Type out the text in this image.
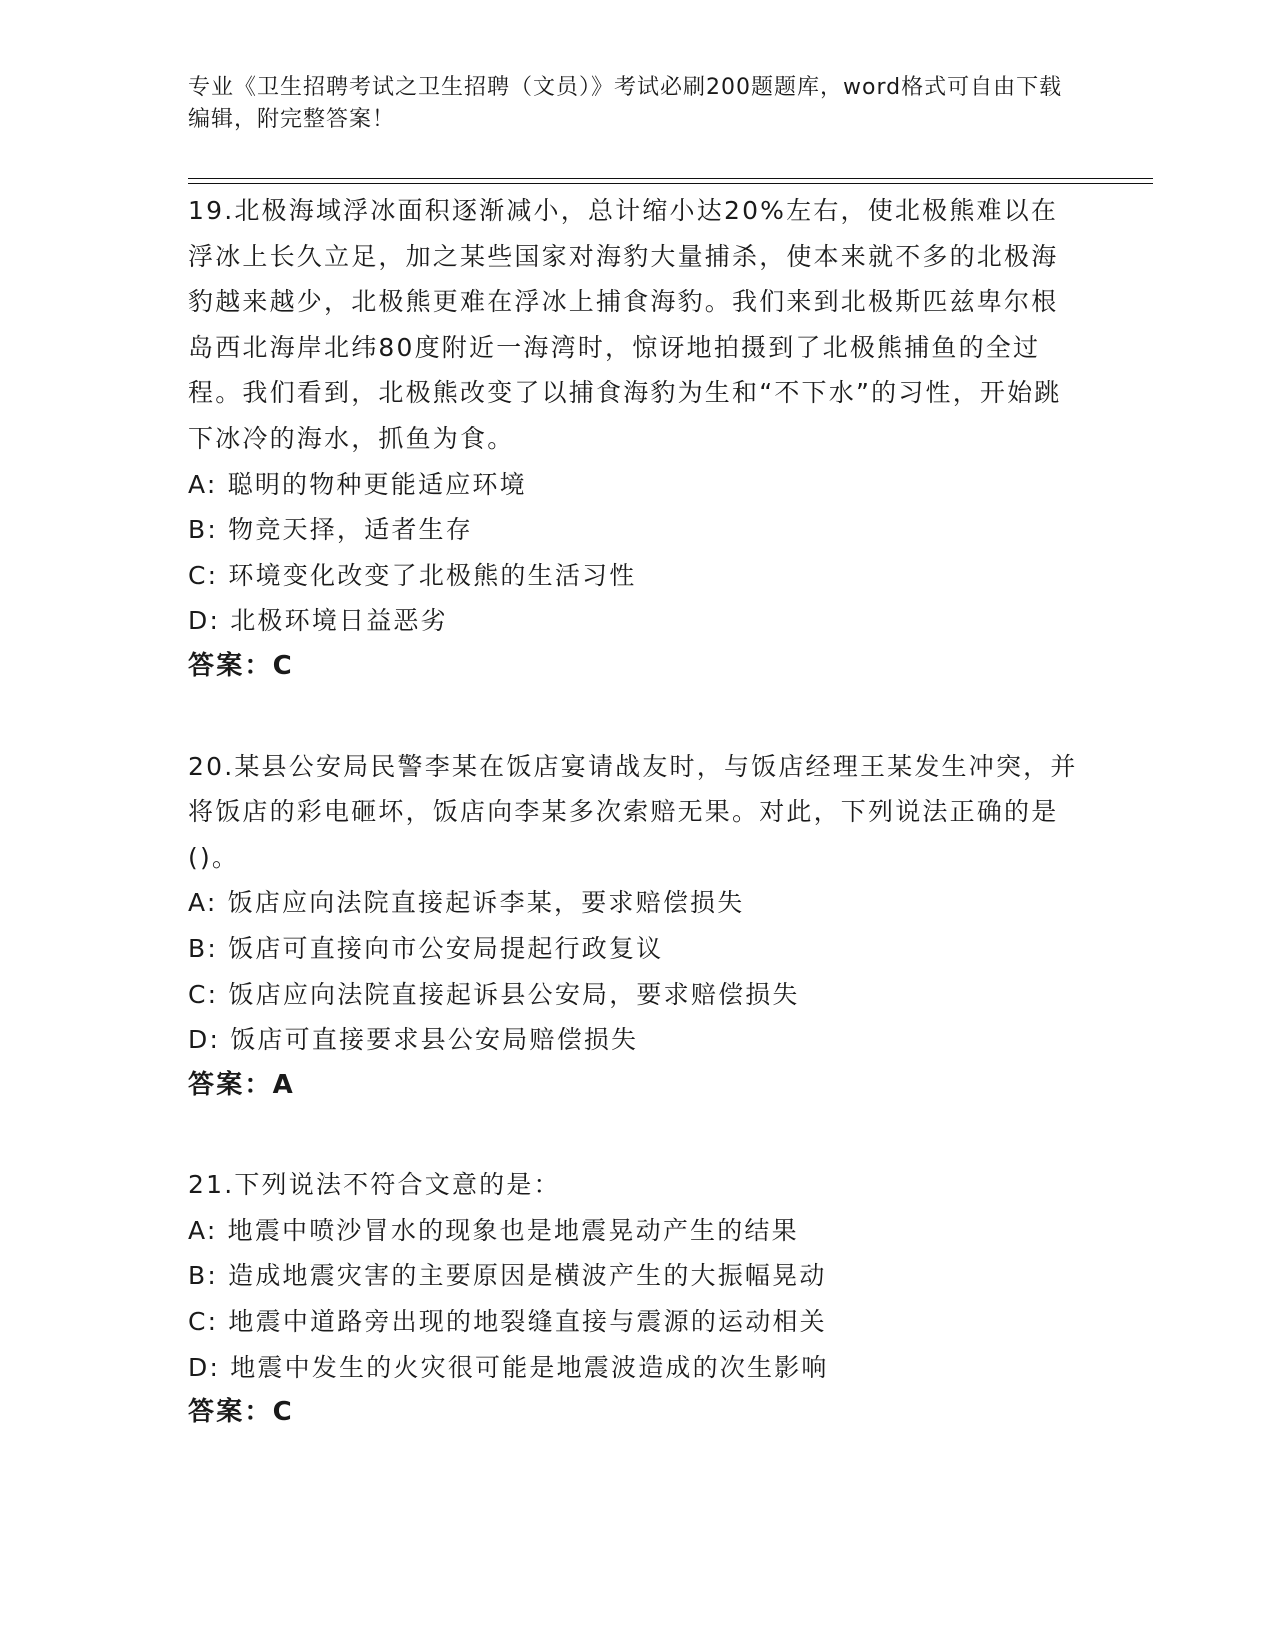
专业《卫生招聘考试之卫生招聘（文员）》考试必刷200题题库，word格式可自由下载编辑，附完整答案！

19.北极海域浮冰面积逐渐减小，总计缩小达20%左右，使北极熊难以在浮冰上长久立足，加之某些国家对海豹大量捕杀，使本来就不多的北极海豹越来越少，北极熊更难在浮冰上捕食海豹。我们来到北极斯匹兹卑尔根岛西北海岸北纬80度附近一海湾时，惊讶地拍摄到了北极熊捕鱼的全过程。我们看到，北极熊改变了以捕食海豹为生和“不下水”的习性，开始跳下冰冷的海水，抓鱼为食。

A: 聪明的物种更能适应环境
B: 物竞天择，适者生存
C: 环境变化改变了北极熊的生活习性
D: 北极环境日益恶劣
答案：C

20.某县公安局民警李某在饭店宴请战友时，与饭店经理王某发生冲突，并将饭店的彩电砸坏，饭店向李某多次索赔无果。对此，下列说法正确的是()。

A: 饭店应向法院直接起诉李某，要求赔偿损失
B: 饭店可直接向市公安局提起行政复议
C: 饭店应向法院直接起诉县公安局，要求赔偿损失
D: 饭店可直接要求县公安局赔偿损失
答案：A

21.下列说法不符合文意的是：

A: 地震中喷沙冒水的现象也是地震晃动产生的结果
B: 造成地震灾害的主要原因是横波产生的大振幅晃动
C: 地震中道路旁出现的地裂缝直接与震源的运动相关
D: 地震中发生的火灾很可能是地震波造成的次生影响
答案：C
